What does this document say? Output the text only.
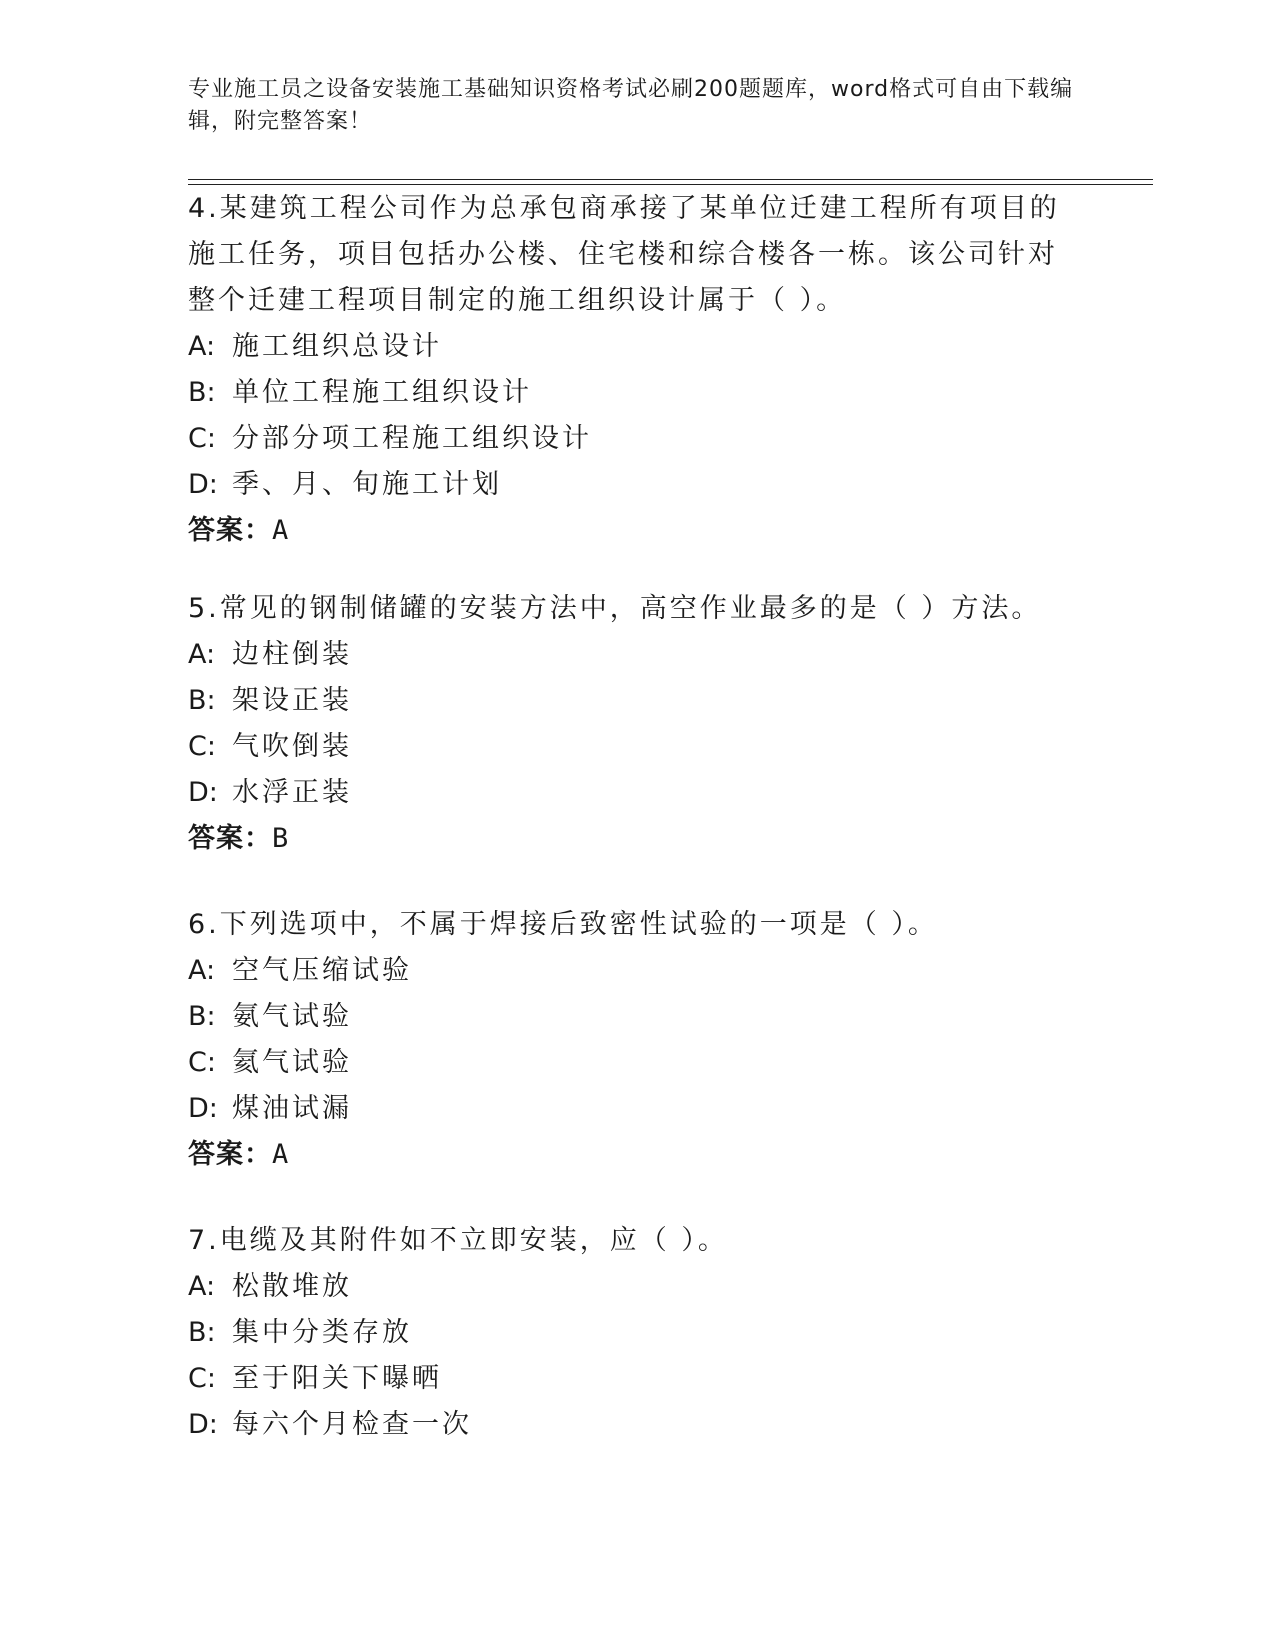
专业施工员之设备安装施工基础知识资格考试必刷200题题库，word格式可自由下载编辑，附完整答案！
4.某建筑工程公司作为总承包商承接了某单位迁建工程所有项目的施工任务，项目包括办公楼、住宅楼和综合楼各一栋。该公司针对整个迁建工程项目制定的施工组织设计属于（ ）。
A: 施工组织总设计
B: 单位工程施工组织设计
C: 分部分项工程施工组织设计
D: 季、月、旬施工计划
答案：A
5.常见的钢制储罐的安装方法中，高空作业最多的是（ ）方法。
A: 边柱倒装
B: 架设正装
C: 气吹倒装
D: 水浮正装
答案：B
6.下列选项中，不属于焊接后致密性试验的一项是（ ）。
A: 空气压缩试验
B: 氨气试验
C: 氦气试验
D: 煤油试漏
答案：A
7.电缆及其附件如不立即安装，应（ ）。
A: 松散堆放
B: 集中分类存放
C: 至于阳关下曝晒
D: 每六个月检查一次
